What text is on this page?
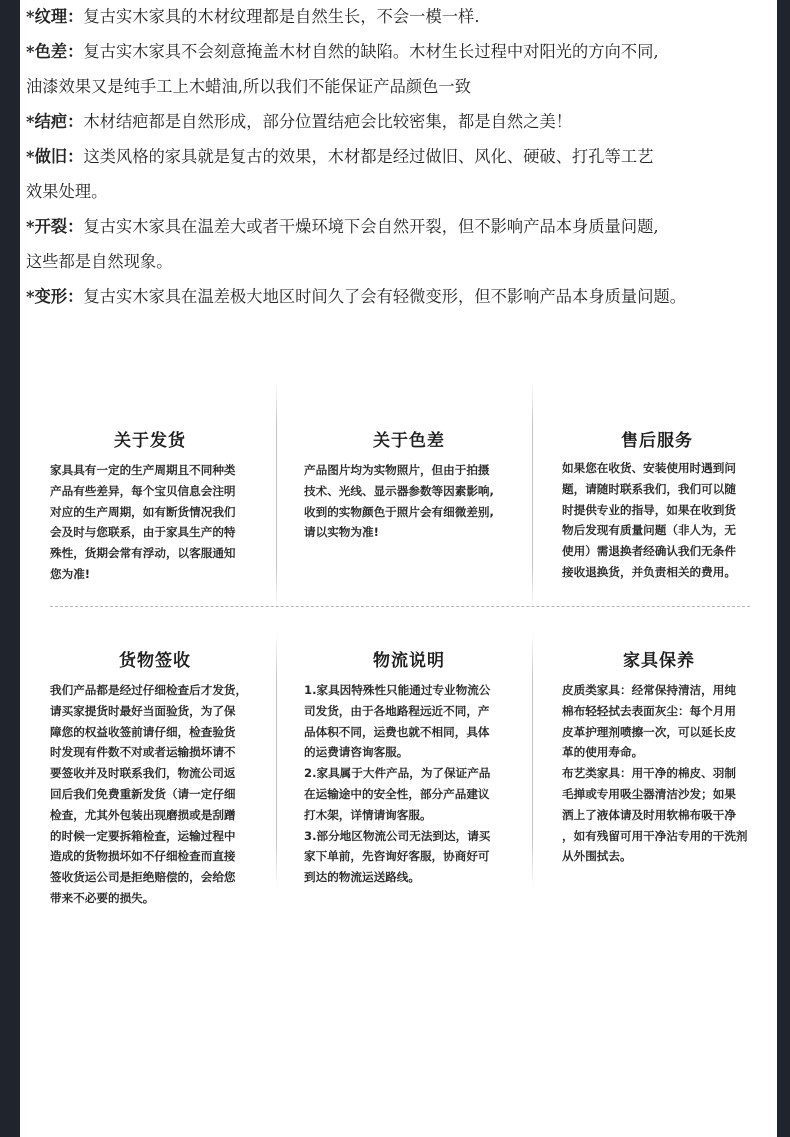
*纹理：复古实木家具的木材纹理都是自然生长，不会一模一样.
*色差：复古实木家具不会刻意掩盖木材自然的缺陷。木材生长过程中对阳光的方向不同,
油漆效果又是纯手工上木蜡油,所以我们不能保证产品颜色一致
*结疤：木材结疤都是自然形成，部分位置结疤会比较密集，都是自然之美！
*做旧：这类风格的家具就是复古的效果，木材都是经过做旧、风化、硬破、打孔等工艺
效果处理。
*开裂：复古实木家具在温差大或者干燥环境下会自然开裂，但不影响产品本身质量问题,
这些都是自然现象。
*变形：复古实木家具在温差极大地区时间久了会有轻微变形，但不影响产品本身质量问题。
关于发货
家具具有一定的生产周期且不同种类
产品有些差异，每个宝贝信息会注明
对应的生产周期，如有断货情况我们
会及时与您联系，由于家具生产的特
殊性，货期会常有浮动，以客服通知
您为准!
关于色差
产品图片均为实物照片，但由于拍摄
技术、光线、显示器参数等因素影响,
收到的实物颜色于照片会有细微差别,
请以实物为准!
售后服务
如果您在收货、安装使用时遇到问
题，请随时联系我们，我们可以随
时提供专业的指导，如果在收到货
物后发现有质量问题（非人为，无
使用）需退换者经确认我们无条件
接收退换货，并负责相关的费用。
货物签收
我们产品都是经过仔细检查后才发货，
请买家提货时最好当面验货，为了保
障您的权益收签前请仔细，检查验货
时发现有件数不对或者运输损坏请不
要签收并及时联系我们，物流公司返
回后我们免费重新发货（请一定仔细
检查，尤其外包装出现磨损或是刮蹭
的时候一定要拆箱检查，运输过程中
造成的货物损坏如不仔细检查而直接
签收货运公司是拒绝赔偿的，会给您
带来不必要的损失。
物流说明
1.家具因特殊性只能通过专业物流公
司发货，由于各地路程远近不同，产
品体积不同，运费也就不相同，具体
的运费请咨询客服。
2.家具属于大件产品，为了保证产品
在运输途中的安全性，部分产品建议
打木架，详情请询客服。
3.部分地区物流公司无法到达，请买
家下单前，先咨询好客服，协商好可
到达的物流运送路线。
家具保养
皮质类家具：经常保持清洁，用纯
棉布轻轻拭去表面灰尘：每个月用
皮革护理剂喷擦一次，可以延长皮
革的使用寿命。
布艺类家具：用干净的棉皮、羽制
毛掸或专用吸尘器清洁沙发；如果
洒上了液体请及时用软棉布吸干净
，如有残留可用干净沾专用的干洗剂
从外围拭去。
